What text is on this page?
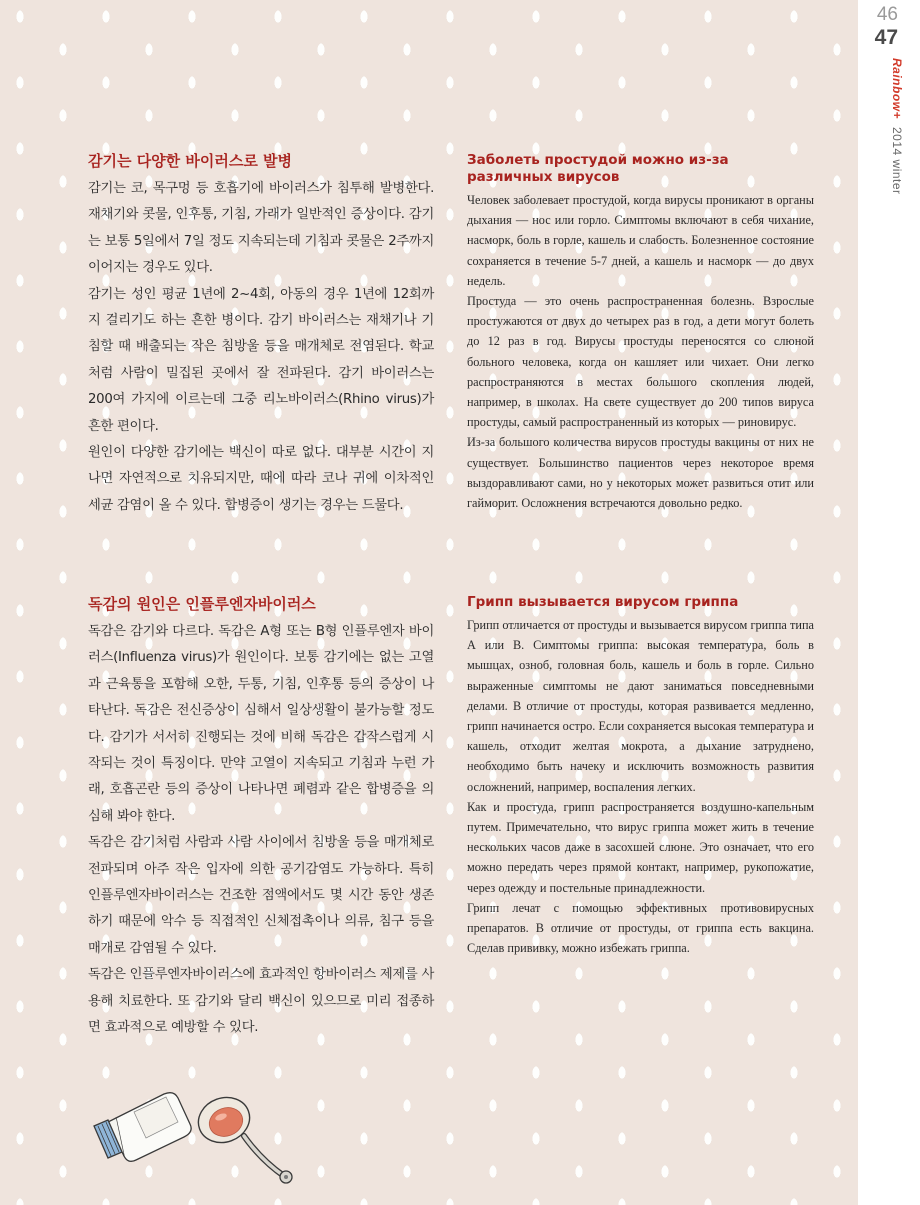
46
47
Rainbow+ 2014 winter
감기는 다양한 바이러스로 발병

감기는 코, 목구멍 등 호흡기에 바이러스가 침투해 발병한다. 재채기와 콧물, 인후통, 기침, 가래가 일반적인 증상이다. 감기는 보통 5일에서 7일 정도 지속되는데 기침과 콧물은 2주까지 이어지는 경우도 있다.

감기는 성인 평균 1년에 2~4회, 아동의 경우 1년에 12회까지 걸리기도 하는 흔한 병이다. 감기 바이러스는 재채기나 기침할 때 배출되는 작은 침방울 등을 매개체로 전염된다. 학교처럼 사람이 밀집된 곳에서 잘 전파된다. 감기 바이러스는 200여 가지에 이르는데 그중 리노바이러스(Rhino virus)가 흔한 편이다.

원인이 다양한 감기에는 백신이 따로 없다. 대부분 시간이 지나면 자연적으로 치유되지만, 때에 따라 코나 귀에 이차적인 세균 감염이 올 수 있다. 합병증이 생기는 경우는 드물다.

Заболеть простудой можно из-за различных вирусов

Человек заболевает простудой, когда вирусы проникают в органы дыхания — нос или горло. Симптомы включают в себя чихание, насморк, боль в горле, кашель и слабость. Болезненное состояние сохраняется в течение 5-7 дней, а кашель и насморк — до двух недель.

Простуда — это очень распространенная болезнь. Взрослые простужаются от двух до четырех раз в год, а дети могут болеть до 12 раз в год. Вирусы простуды переносятся со слюной больного человека, когда он кашляет или чихает. Они легко распространяются в местах большого скопления людей, например, в школах. На свете существует до 200 типов вируса простуды, самый распространенный из которых — риновирус.

Из-за большого количества вирусов простуды вакцины от них не существует. Большинство пациентов через некоторое время выздоравливают сами, но у некоторых может развиться отит или гайморит. Осложнения встречаются довольно редко.

독감의 원인은 인플루엔자바이러스

독감은 감기와 다르다. 독감은 A형 또는 B형 인플루엔자 바이러스(Influenza virus)가 원인이다. 보통 감기에는 없는 고열과 근육통을 포함해 오한, 두통, 기침, 인후통 등의 증상이 나타난다. 독감은 전신증상이 심해서 일상생활이 불가능할 정도다. 감기가 서서히 진행되는 것에 비해 독감은 갑작스럽게 시작되는 것이 특징이다. 만약 고열이 지속되고 기침과 누런 가래, 호흡곤란 등의 증상이 나타나면 폐렴과 같은 합병증을 의심해 봐야 한다.

독감은 감기처럼 사람과 사람 사이에서 침방울 등을 매개체로 전파되며 아주 작은 입자에 의한 공기감염도 가능하다. 특히 인플루엔자바이러스는 건조한 점액에서도 몇 시간 동안 생존하기 때문에 악수 등 직접적인 신체접촉이나 의류, 침구 등을 매개로 감염될 수 있다.

독감은 인플루엔자바이러스에 효과적인 항바이러스 제제를 사용해 치료한다. 또 감기와 달리 백신이 있으므로 미리 접종하면 효과적으로 예방할 수 있다.

Грипп вызывается вирусом гриппа

Грипп отличается от простуды и вызывается вирусом гриппа типа А или В. Симптомы гриппа: высокая температура, боль в мышцах, озноб, головная боль, кашель и боль в горле. Сильно выраженные симптомы не дают заниматься повседневными делами. В отличие от простуды, которая развивается медленно, грипп начинается остро. Если сохраняется высокая температура и кашель, отходит желтая мокрота, а дыхание затруднено, необходимо быть начеку и исключить возможность развития осложнений, например, воспаления легких.

Как и простуда, грипп распространяется воздушно-капельным путем. Примечательно, что вирус гриппа может жить в течение нескольких часов даже в засохшей слюне. Это означает, что его можно передать через прямой контакт, например, рукопожатие, через одежду и постельные принадлежности.

Грипп лечат с помощью эффективных противовирусных препаратов. В отличие от простуды, от гриппа есть вакцина. Сделав прививку, можно избежать гриппа.
